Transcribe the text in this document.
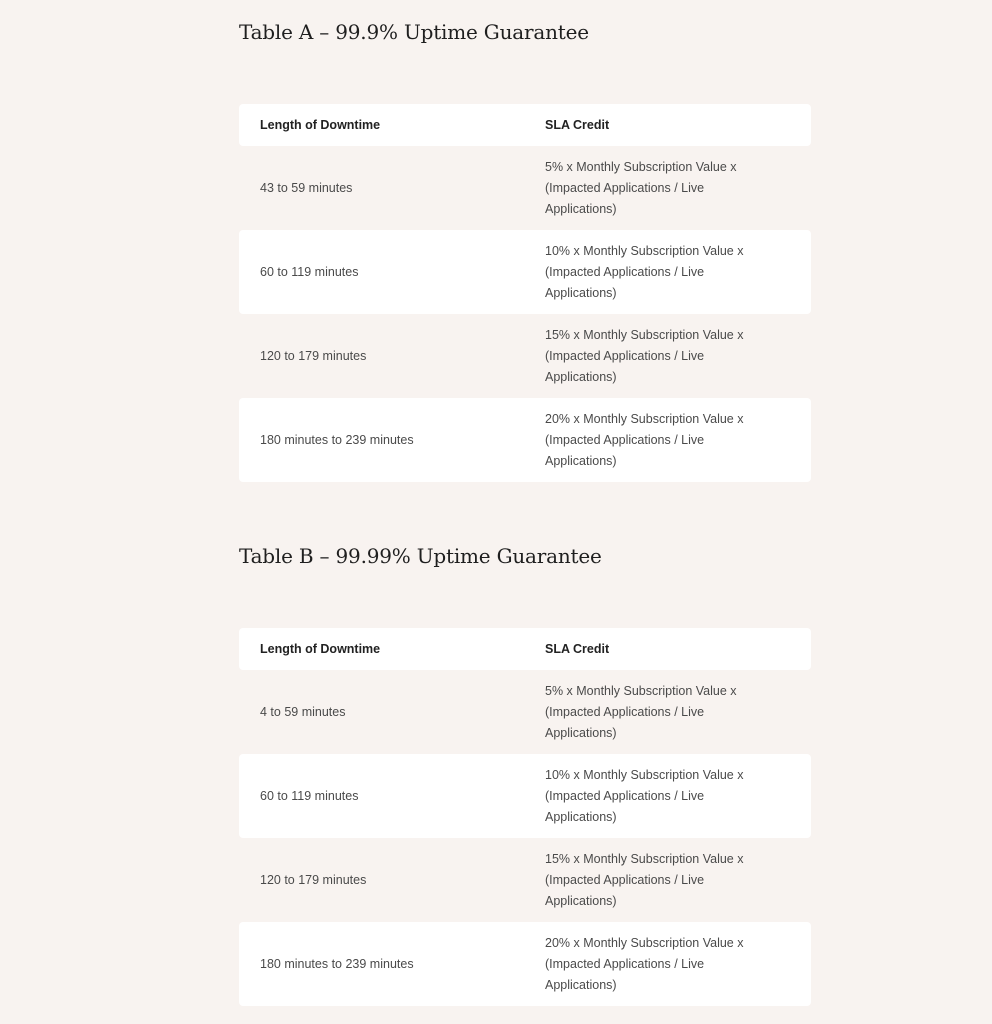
Table A – 99.9% Uptime Guarantee
Length of Downtime	SLA Credit
43 to 59 minutes
5% x Monthly Subscription Value x (Impacted Applications / Live Applications)
60 to 119 minutes
10% x Monthly Subscription Value x (Impacted Applications / Live Applications)
120 to 179 minutes
15% x Monthly Subscription Value x (Impacted Applications / Live Applications)
180 minutes to 239 minutes
20% x Monthly Subscription Value x (Impacted Applications / Live Applications)
Table B – 99.99% Uptime Guarantee
Length of Downtime	SLA Credit
4 to 59 minutes
5% x Monthly Subscription Value x (Impacted Applications / Live Applications)
60 to 119 minutes
10% x Monthly Subscription Value x (Impacted Applications / Live Applications)
120 to 179 minutes
15% x Monthly Subscription Value x (Impacted Applications / Live Applications)
180 minutes to 239 minutes
20% x Monthly Subscription Value x (Impacted Applications / Live Applications)
